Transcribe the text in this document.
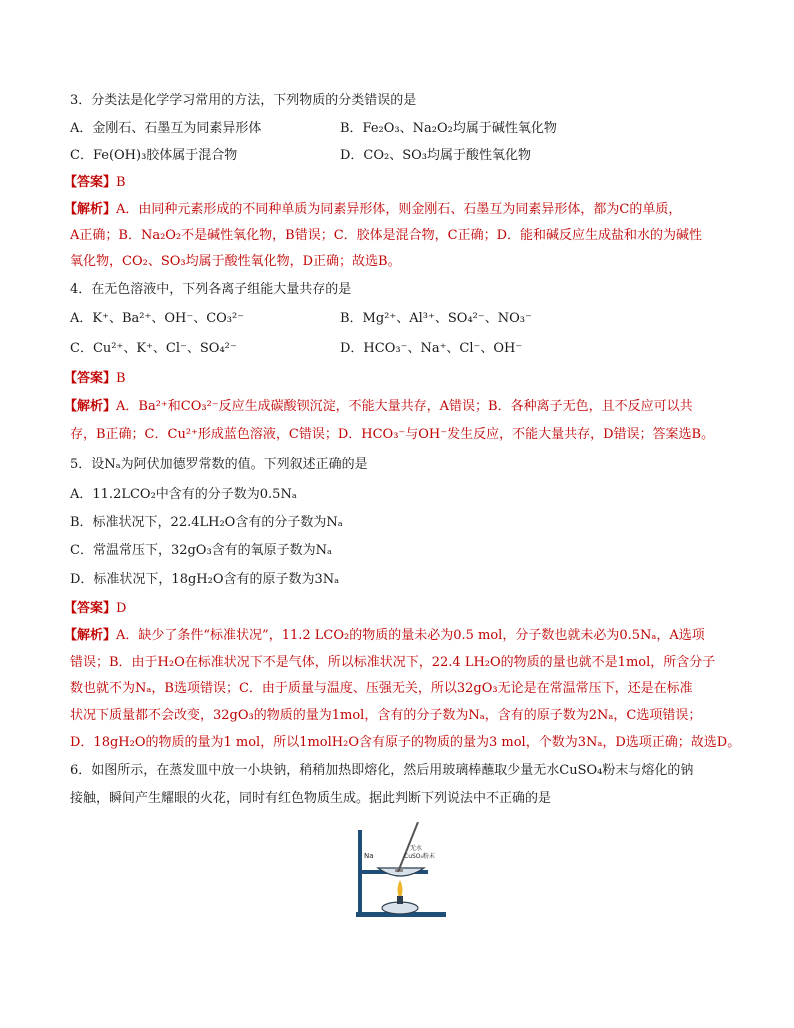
3．分类法是化学学习常用的方法，下列物质的分类错误的是
A．金刚石、石墨互为同素异形体	B．Fe₂O₃、Na₂O₂均属于碱性氧化物
C．Fe(OH)₃胶体属于混合物	D．CO₂、SO₃均属于酸性氧化物
【答案】B
【解析】A．由同种元素形成的不同种单质为同素异形体，则金刚石、石墨互为同素异形体，都为C的单质，
A正确；B．Na₂O₂不是碱性氧化物，B错误；C．胶体是混合物，C正确；D．能和碱反应生成盐和水的为碱性
氧化物，CO₂、SO₃均属于酸性氧化物，D正确；故选B。
4．在无色溶液中，下列各离子组能大量共存的是
A．K⁺、Ba²⁺、OH⁻、CO₃²⁻	B．Mg²⁺、Al³⁺、SO₄²⁻、NO₃⁻
C．Cu²⁺、K⁺、Cl⁻、SO₄²⁻	D．HCO₃⁻、Na⁺、Cl⁻、OH⁻
【答案】B
【解析】A．Ba²⁺和CO₃²⁻反应生成碳酸钡沉淀，不能大量共存，A错误；B．各种离子无色，且不反应可以共
存，B正确；C．Cu²⁺形成蓝色溶液，C错误；D．HCO₃⁻与OH⁻发生反应，不能大量共存，D错误；答案选B。
5．设Nₐ为阿伏加德罗常数的值。下列叙述正确的是
A．11.2LCO₂中含有的分子数为0.5Nₐ
B．标准状况下，22.4LH₂O含有的分子数为Nₐ
C．常温常压下，32gO₃含有的氧原子数为Nₐ
D．标准状况下，18gH₂O含有的原子数为3Nₐ
【答案】D
【解析】A．缺少了条件“标准状况”，11.2 LCO₂的物质的量未必为0.5 mol，分子数也就未必为0.5Nₐ，A选项
错误；B．由于H₂O在标准状况下不是气体，所以标准状况下，22.4 LH₂O的物质的量也就不是1mol，所含分子
数也就不为Nₐ，B选项错误；C．由于质量与温度、压强无关，所以32gO₃无论是在常温常压下，还是在标准
状况下质量都不会改变，32gO₃的物质的量为1mol，含有的分子数为Nₐ，含有的原子数为2Nₐ，C选项错误；
D．18gH₂O的物质的量为1 mol，所以1molH₂O含有原子的物质的量为3 mol，个数为3Nₐ，D选项正确；故选D。
6．如图所示，在蒸发皿中放一小块钠，稍稍加热即熔化，然后用玻璃棒蘸取少量无水CuSO₄粉末与熔化的钠
接触，瞬间产生耀眼的火花，同时有红色物质生成。据此判断下列说法中不正确的是
Na
无水
CuSO₄粉末
